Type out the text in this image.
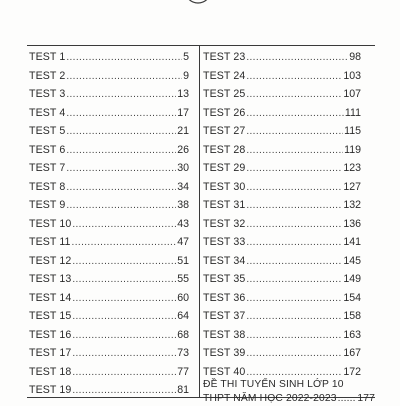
TEST 1 .....	5
TEST 2 .....	9
TEST 3 .....	13
TEST 4 .....	17
TEST 5 .....	21
TEST 6 .....	26
TEST 7 .....	30
TEST 8 .....	34
TEST 9 .....	38
TEST 10 .....	43
TEST 11 .....	47
TEST 12 .....	51
TEST 13 .....	55
TEST 14 .....	60
TEST 15 .....	64
TEST 16 .....	68
TEST 17 .....	73
TEST 18 .....	77
TEST 19 .....	81
TEST 23 .....	98
TEST 24 .....	103
TEST 25 .....	107
TEST 26 .....	111
TEST 27 .....	115
TEST 28 .....	119
TEST 29 .....	123
TEST 30 .....	127
TEST 31 .....	132
TEST 32 .....	136
TEST 33 .....	141
TEST 34 .....	145
TEST 35 .....	149
TEST 36 .....	154
TEST 37 .....	158
TEST 38 .....	163
TEST 39 .....	167
TEST 40 .....	172
ĐỀ THI TUYỂN SINH LỚP 10
THPT NĂM HỌC 2022-2023 ..... 177
